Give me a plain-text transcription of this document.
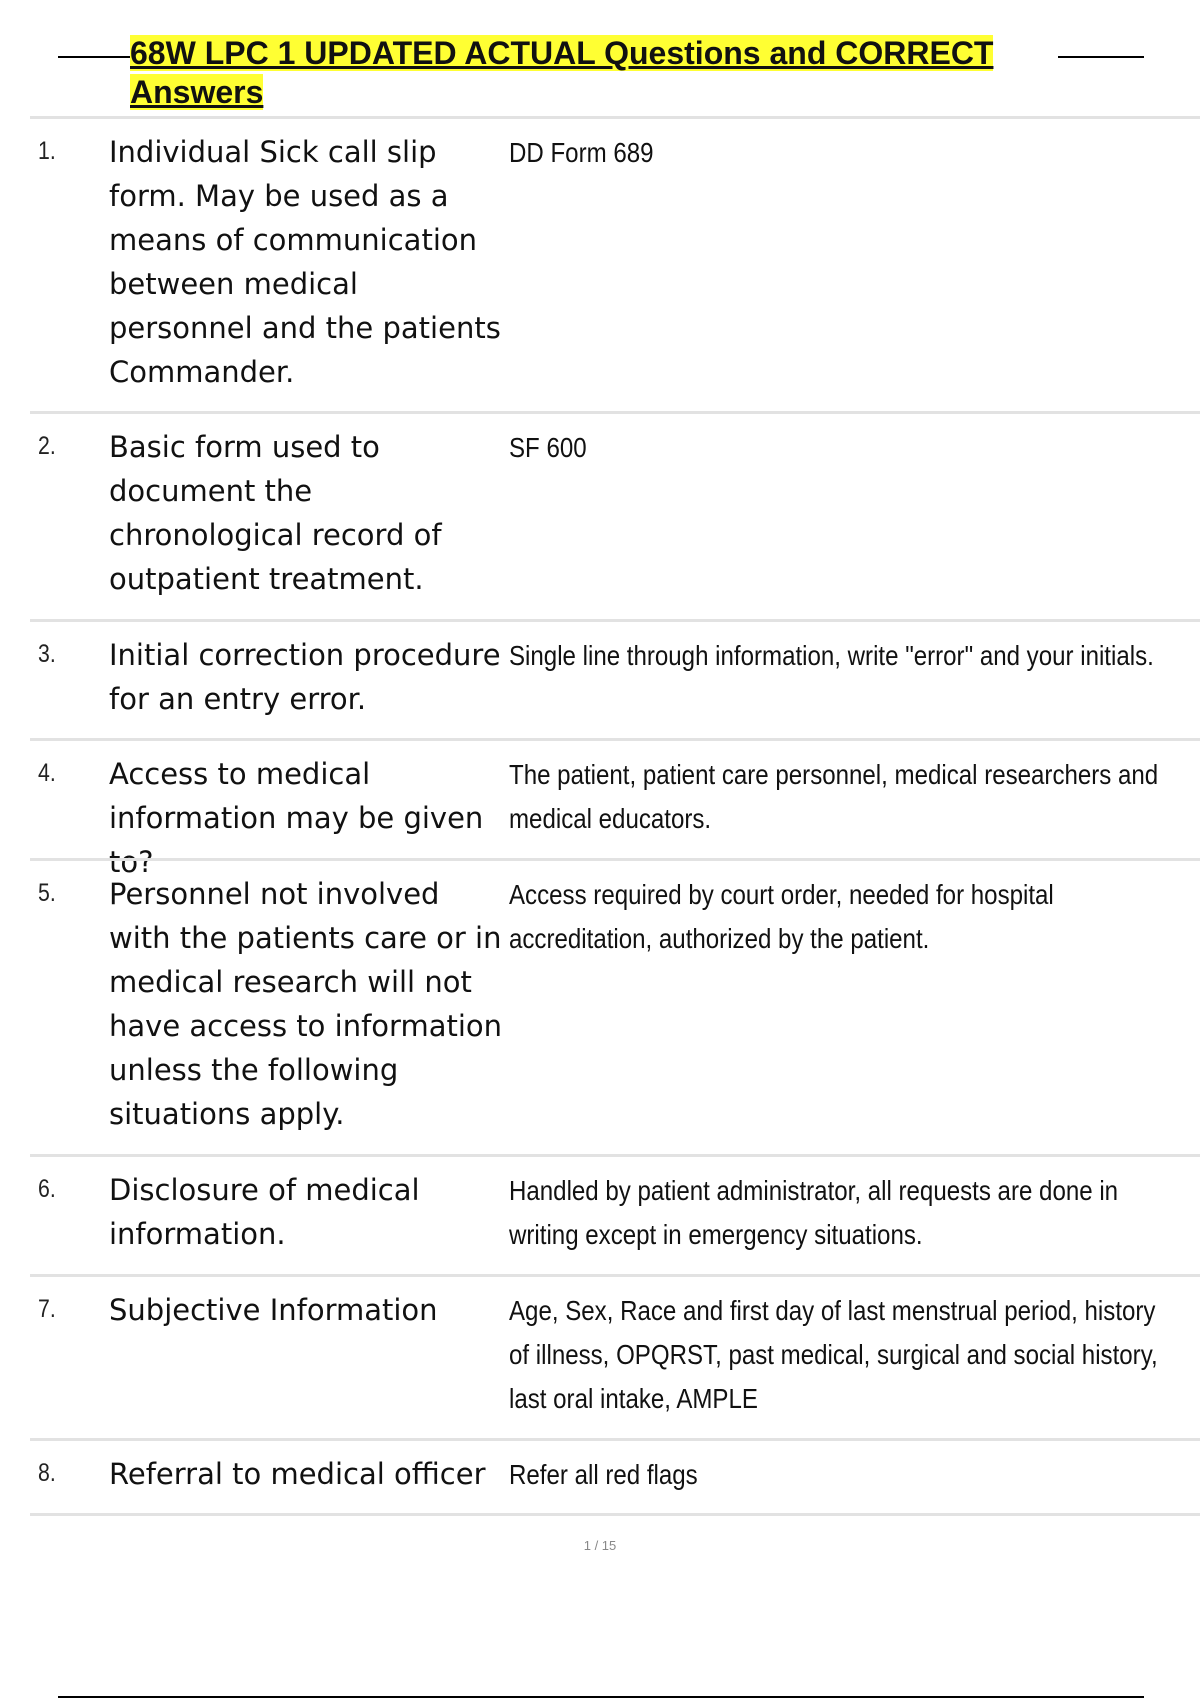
68W LPC 1 UPDATED ACTUAL Questions and CORRECT Answers
1. Individual Sick call slip form. May be used as a means of communication between medical personnel and the patients Commander.
DD Form 689
2. Basic form used to document the chronological record of outpatient treatment.
SF 600
3. Initial correction procedure for an entry error.
Single line through information, write "error" and your initials.
4. Access to medical information may be given to?
The patient, patient care personnel, medical researchers and medical educators.
5. Personnel not involved with the patients care or in medical research will not have access to information unless the following situations apply.
Access required by court order, needed for hospital accreditation, authorized by the patient.
6. Disclosure of medical information.
Handled by patient administrator, all requests are done in writing except in emergency situations.
7. Subjective Information	Age, Sex, Race and first day of last menstrual period, history of illness, OPQRST, past medical, surgical and social history, last oral intake, AMPLE
8. Referral to medical officer Refer all red flags
1 / 15
